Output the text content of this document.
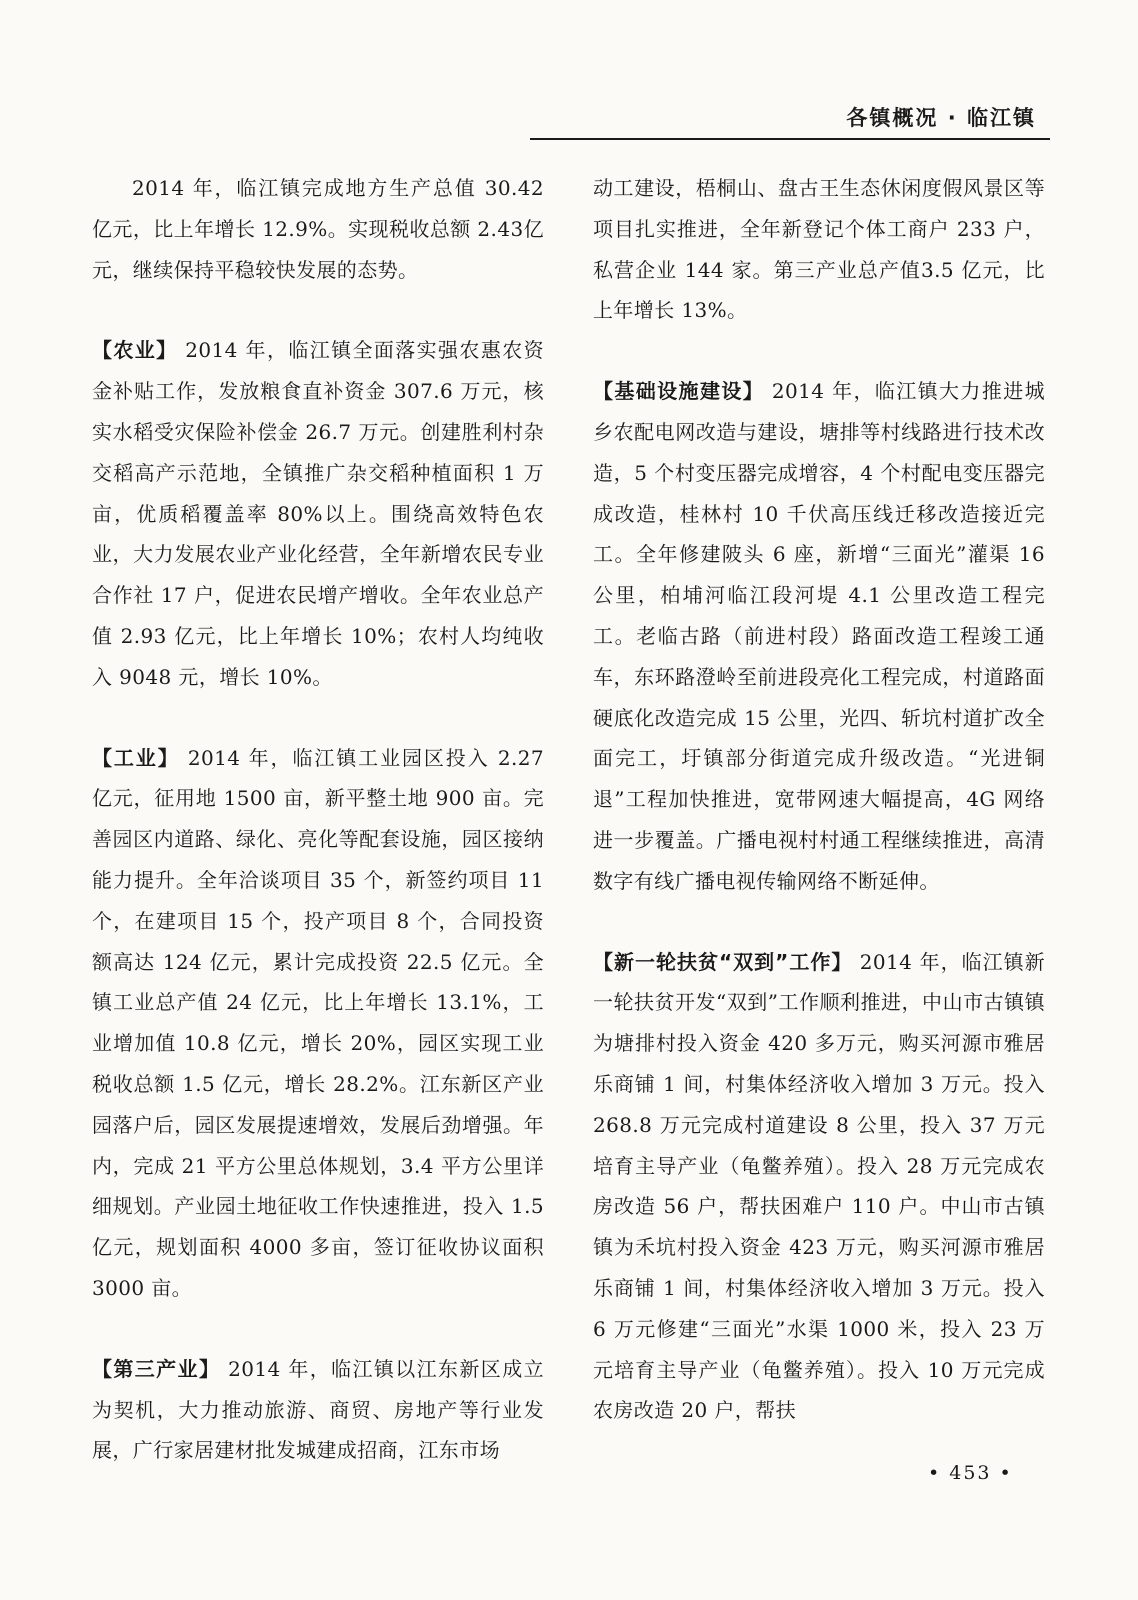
各镇概况 · 临江镇

2014 年，临江镇完成地方生产总值 30.42 亿元，比上年增长 12.9%。实现税收总额 2.43亿元，继续保持平稳较快发展的态势。

【农业】 2014 年，临江镇全面落实强农惠农资金补贴工作，发放粮食直补资金 307.6 万元，核实水稻受灾保险补偿金 26.7 万元。创建胜利村杂交稻高产示范地，全镇推广杂交稻种植面积 1 万亩，优质稻覆盖率 80%以上。围绕高效特色农业，大力发展农业产业化经营，全年新增农民专业合作社 17 户，促进农民增产增收。全年农业总产值 2.93 亿元，比上年增长 10%；农村人均纯收入 9048 元，增长 10%。

【工业】 2014 年，临江镇工业园区投入 2.27 亿元，征用地 1500 亩，新平整土地 900 亩。完善园区内道路、绿化、亮化等配套设施，园区接纳能力提升。全年洽谈项目 35 个，新签约项目 11 个，在建项目 15 个，投产项目 8 个，合同投资额高达 124 亿元，累计完成投资 22.5 亿元。全镇工业总产值 24 亿元，比上年增长 13.1%，工业增加值 10.8 亿元，增长 20%，园区实现工业税收总额 1.5 亿元，增长 28.2%。江东新区产业园落户后，园区发展提速增效，发展后劲增强。年内，完成 21 平方公里总体规划，3.4 平方公里详细规划。产业园土地征收工作快速推进，投入 1.5 亿元，规划面积 4000 多亩，签订征收协议面积 3000 亩。

【第三产业】 2014 年，临江镇以江东新区成立为契机，大力推动旅游、商贸、房地产等行业发展，广行家居建材批发城建成招商，江东市场

动工建设，梧桐山、盘古王生态休闲度假风景区等项目扎实推进，全年新登记个体工商户 233 户，私营企业 144 家。第三产业总产值3.5 亿元，比上年增长 13%。

【基础设施建设】 2014 年，临江镇大力推进城乡农配电网改造与建设，塘排等村线路进行技术改造，5 个村变压器完成增容，4 个村配电变压器完成改造，桂林村 10 千伏高压线迁移改造接近完工。全年修建陂头 6 座，新增“三面光”灌渠 16 公里，柏埔河临江段河堤 4.1 公里改造工程完工。老临古路（前进村段）路面改造工程竣工通车，东环路澄岭至前进段亮化工程完成，村道路面硬底化改造完成 15 公里，光四、斩坑村道扩改全面完工，圩镇部分街道完成升级改造。“光进铜退”工程加快推进，宽带网速大幅提高，4G 网络进一步覆盖。广播电视村村通工程继续推进，高清数字有线广播电视传输网络不断延伸。

【新一轮扶贫“双到”工作】 2014 年，临江镇新一轮扶贫开发“双到”工作顺利推进，中山市古镇镇为塘排村投入资金 420 多万元，购买河源市雅居乐商铺 1 间，村集体经济收入增加 3 万元。投入 268.8 万元完成村道建设 8 公里，投入 37 万元培育主导产业（龟鳖养殖）。投入 28 万元完成农房改造 56 户，帮扶困难户 110 户。中山市古镇镇为禾坑村投入资金 423 万元，购买河源市雅居乐商铺 1 间，村集体经济收入增加 3 万元。投入 6 万元修建“三面光”水渠 1000 米，投入 23 万元培育主导产业（龟鳖养殖）。投入 10 万元完成农房改造 20 户，帮扶

• 453 •
